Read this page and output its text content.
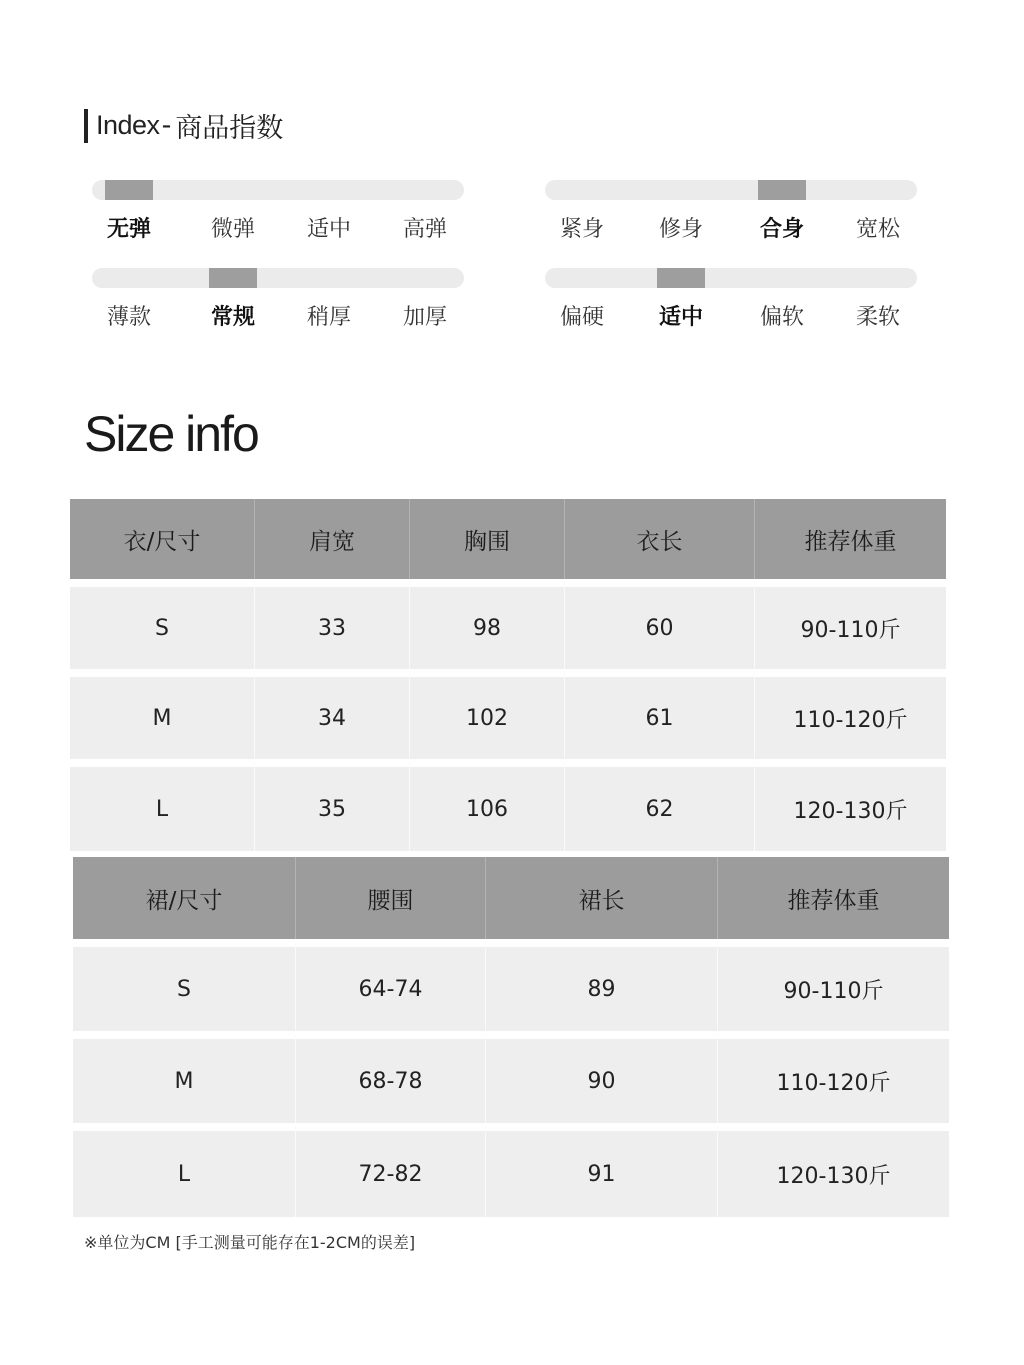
Index - 商品指数
无弹	微弹	适中	高弹	紧身	修身	合身	宽松
薄款	常规	稍厚	加厚	偏硬	适中	偏软	柔软
Size info
衣/尺寸	肩宽	胸围	衣长	推荐体重
S	33	98	60	90-110斤
M	34	102	61	110-120斤
L	35	106	62	120-130斤
裙/尺寸	腰围	裙长	推荐体重
S	64-74	89	90-110斤
M	68-78	90	110-120斤
L	72-82	91	120-130斤
※单位为CM [手工测量可能存在1-2CM的误差]
